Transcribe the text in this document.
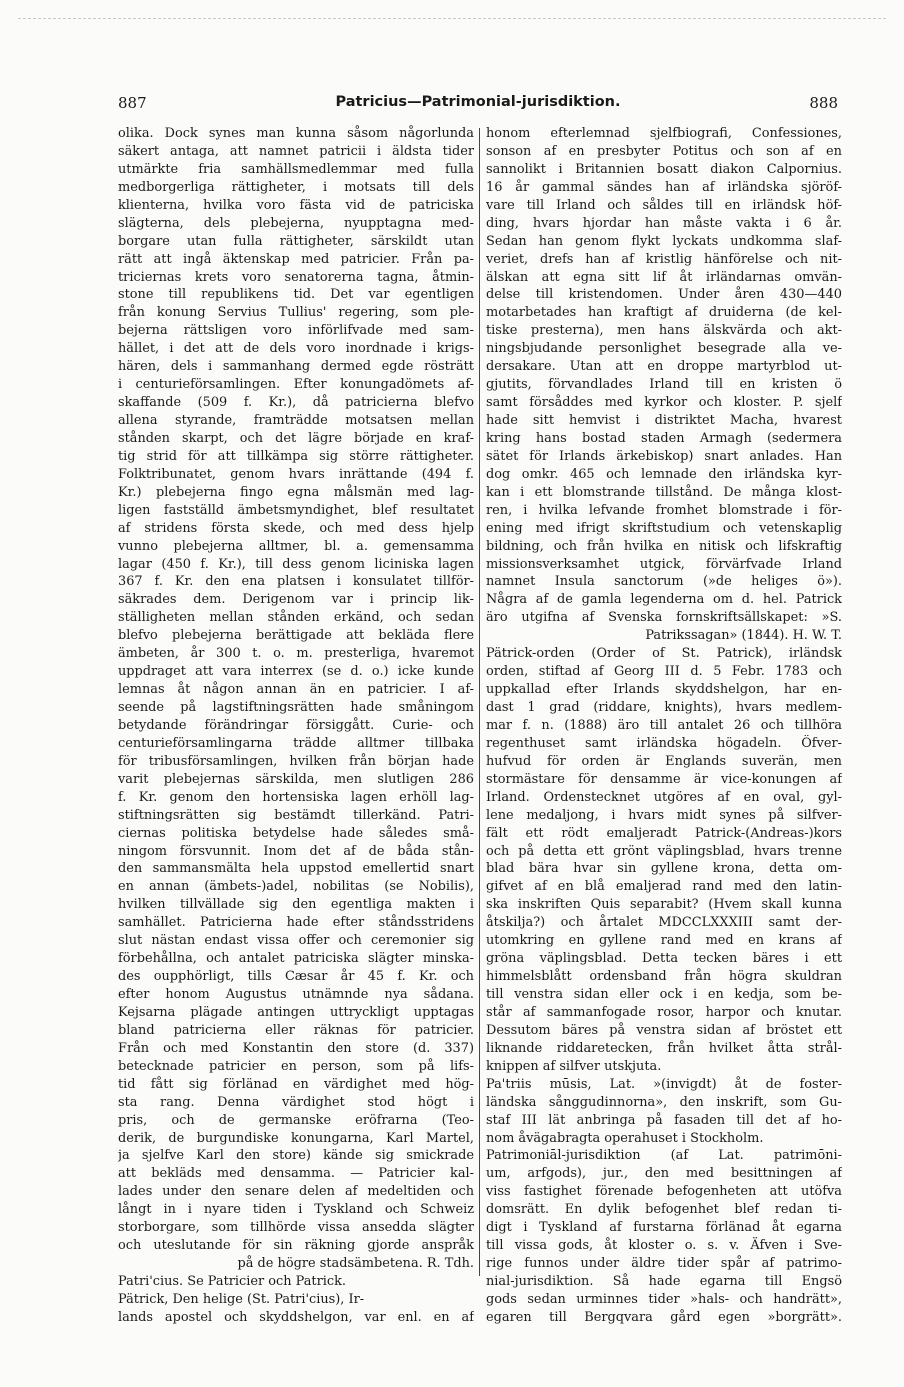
887	Patricius—Patrimonial-jurisdiktion.	888
olika. Dock synes man kunna såsom någorlunda
säkert antaga, att namnet patricii i äldsta tider
utmärkte fria samhällsmedlemmar med fulla
medborgerliga rättigheter, i motsats till dels
klienterna, hvilka voro fästa vid de patriciska
slägterna, dels plebejerna, nyupptagna med-
borgare utan fulla rättigheter, särskildt utan
rätt att ingå äktenskap med patricier. Från pa-
triciernas krets voro senatorerna tagna, åtmin-
stone till republikens tid. Det var egentligen
från konung Servius Tullius' regering, som ple-
bejerna rättsligen voro införlifvade med sam-
hället, i det att de dels voro inordnade i krigs-
hären, dels i sammanhang dermed egde rösträtt
i centurieförsamlingen. Efter konungadömets af-
skaffande (509 f. Kr.), då patricierna blefvo
allena styrande, framträdde motsatsen mellan
stånden skarpt, och det lägre började en kraf-
tig strid för att tillkämpa sig större rättigheter.
Folktribunatet, genom hvars inrättande (494 f.
Kr.) plebejerna fingo egna målsmän med lag-
ligen fastställd ämbetsmyndighet, blef resultatet
af stridens första skede, och med dess hjelp
vunno plebejerna alltmer, bl. a. gemensamma
lagar (450 f. Kr.), till dess genom liciniska lagen
367 f. Kr. den ena platsen i konsulatet tillför-
säkrades dem. Derigenom var i princip lik-
ställigheten mellan stånden erkänd, och sedan
blefvo plebejerna berättigade att bekläda flere
ämbeten, år 300 t. o. m. presterliga, hvaremot
uppdraget att vara interrex (se d. o.) icke kunde
lemnas åt någon annan än en patricier. I af-
seende på lagstiftningsrätten hade småningom
betydande förändringar försiggått. Curie- och
centurieförsamlingarna trädde alltmer tillbaka
för tribusförsamlingen, hvilken från början hade
varit plebejernas särskilda, men slutligen 286
f. Kr. genom den hortensiska lagen erhöll lag-
stiftningsrätten sig bestämdt tillerkänd. Patri-
ciernas politiska betydelse hade således små-
ningom försvunnit. Inom det af de båda stån-
den sammansmälta hela uppstod emellertid snart
en annan (ämbets-)adel, nobilitas (se Nobilis),
hvilken tillvällade sig den egentliga makten i
samhället. Patricierna hade efter ståndsstridens
slut nästan endast vissa offer och ceremonier sig
förbehållna, och antalet patriciska slägter minska-
des oupphörligt, tills Cæsar år 45 f. Kr. och
efter honom Augustus utnämnde nya sådana.
Kejsarna plägade antingen uttryckligt upptagas
bland patricierna eller räknas för patricier.
Från och med Konstantin den store (d. 337)
betecknade patricier en person, som på lifs-
tid fått sig förlänad en värdighet med hög-
sta rang. Denna värdighet stod högt i
pris, och de germanske eröfrarna (Teo-
derik, de burgundiske konungarna, Karl Martel,
ja sjelfve Karl den store) kände sig smickrade
att bekläds med densamma. — Patricier kal-
lades under den senare delen af medeltiden och
långt in i nyare tiden i Tyskland och Schweiz
storborgare, som tillhörde vissa ansedda slägter
och uteslutande för sin räkning gjorde anspråk
på de högre stadsämbetena. R. Tdh.
Patri'cius. Se Patricier och Patrick.
Pätrick, Den helige (St. Patri'cius), Ir-
lands apostel och skyddshelgon, var enl. en af
honom efterlemnad sjelfbiografi, Confessiones,
sonson af en presbyter Potitus och son af en
sannolikt i Britannien bosatt diakon Calpornius.
16 år gammal sändes han af irländska sjöröf-
vare till Irland och såldes till en irländsk höf-
ding, hvars hjordar han måste vakta i 6 år.
Sedan han genom flykt lyckats undkomma slaf-
veriet, drefs han af kristlig hänförelse och nit-
älskan att egna sitt lif åt irländarnas omvän-
delse till kristendomen. Under åren 430—440
motarbetades han kraftigt af druiderna (de kel-
tiske presterna), men hans älskvärda och akt-
ningsbjudande personlighet besegrade alla ve-
dersakare. Utan att en droppe martyrblod ut-
gjutits, förvandlades Irland till en kristen ö
samt försåddes med kyrkor och kloster. P. sjelf
hade sitt hemvist i distriktet Macha, hvarest
kring hans bostad staden Armagh (sedermera
sätet för Irlands ärkebiskop) snart anlades. Han
dog omkr. 465 och lemnade den irländska kyr-
kan i ett blomstrande tillstånd. De många klost-
ren, i hvilka lefvande fromhet blomstrade i för-
ening med ifrigt skriftstudium och vetenskaplig
bildning, och från hvilka en nitisk och lifskraftig
missionsverksamhet utgick, förvärfvade Irland
namnet Insula sanctorum (»de heliges ö»).
Några af de gamla legenderna om d. hel. Patrick
äro utgifna af Svenska fornskriftsällskapet: »S.
Patrikssagan» (1844). H. W. T.
Pätrick-orden (Order of St. Patrick), irländsk
orden, stiftad af Georg III d. 5 Febr. 1783 och
uppkallad efter Irlands skyddshelgon, har en-
dast 1 grad (riddare, knights), hvars medlem-
mar f. n. (1888) äro till antalet 26 och tillhöra
regenthuset samt irländska högadeln. Öfver-
hufvud för orden är Englands suverän, men
stormästare för densamme är vice-konungen af
Irland. Ordenstecknet utgöres af en oval, gyl-
lene medaljong, i hvars midt synes på silfver-
fält ett rödt emaljeradt Patrick-(Andreas-)kors
och på detta ett grönt väplingsblad, hvars trenne
blad bära hvar sin gyllene krona, detta om-
gifvet af en blå emaljerad rand med den latin-
ska inskriften Quis separabit? (Hvem skall kunna
åtskilja?) och årtalet MDCCLXXXIII samt der-
utomkring en gyllene rand med en krans af
gröna väplingsblad. Detta tecken bäres i ett
himmelsblått ordensband från högra skuldran
till venstra sidan eller ock i en kedja, som be-
står af sammanfogade rosor, harpor och knutar.
Dessutom bäres på venstra sidan af bröstet ett
liknande riddaretecken, från hvilket åtta strål-
knippen af silfver utskjuta.
Pa'triis mūsis, Lat. »(invigdt) åt de foster-
ländska sånggudinnorna», den inskrift, som Gu-
staf III lät anbringa på fasaden till det af ho-
nom åvägabragta operahuset i Stockholm.
Patrimoniāl-jurisdiktion (af Lat. patrimōni-
um, arfgods), jur., den med besittningen af
viss fastighet förenade befogenheten att utöfva
domsrätt. En dylik befogenhet blef redan ti-
digt i Tyskland af furstarna förlänad åt egarna
till vissa gods, åt kloster o. s. v. Äfven i Sve-
rige funnos under äldre tider spår af patrimo-
nial-jurisdiktion. Så hade egarna till Engsö
gods sedan urminnes tider »hals- och handrätt»,
egaren till Bergqvara gård egen »borgrätt».
